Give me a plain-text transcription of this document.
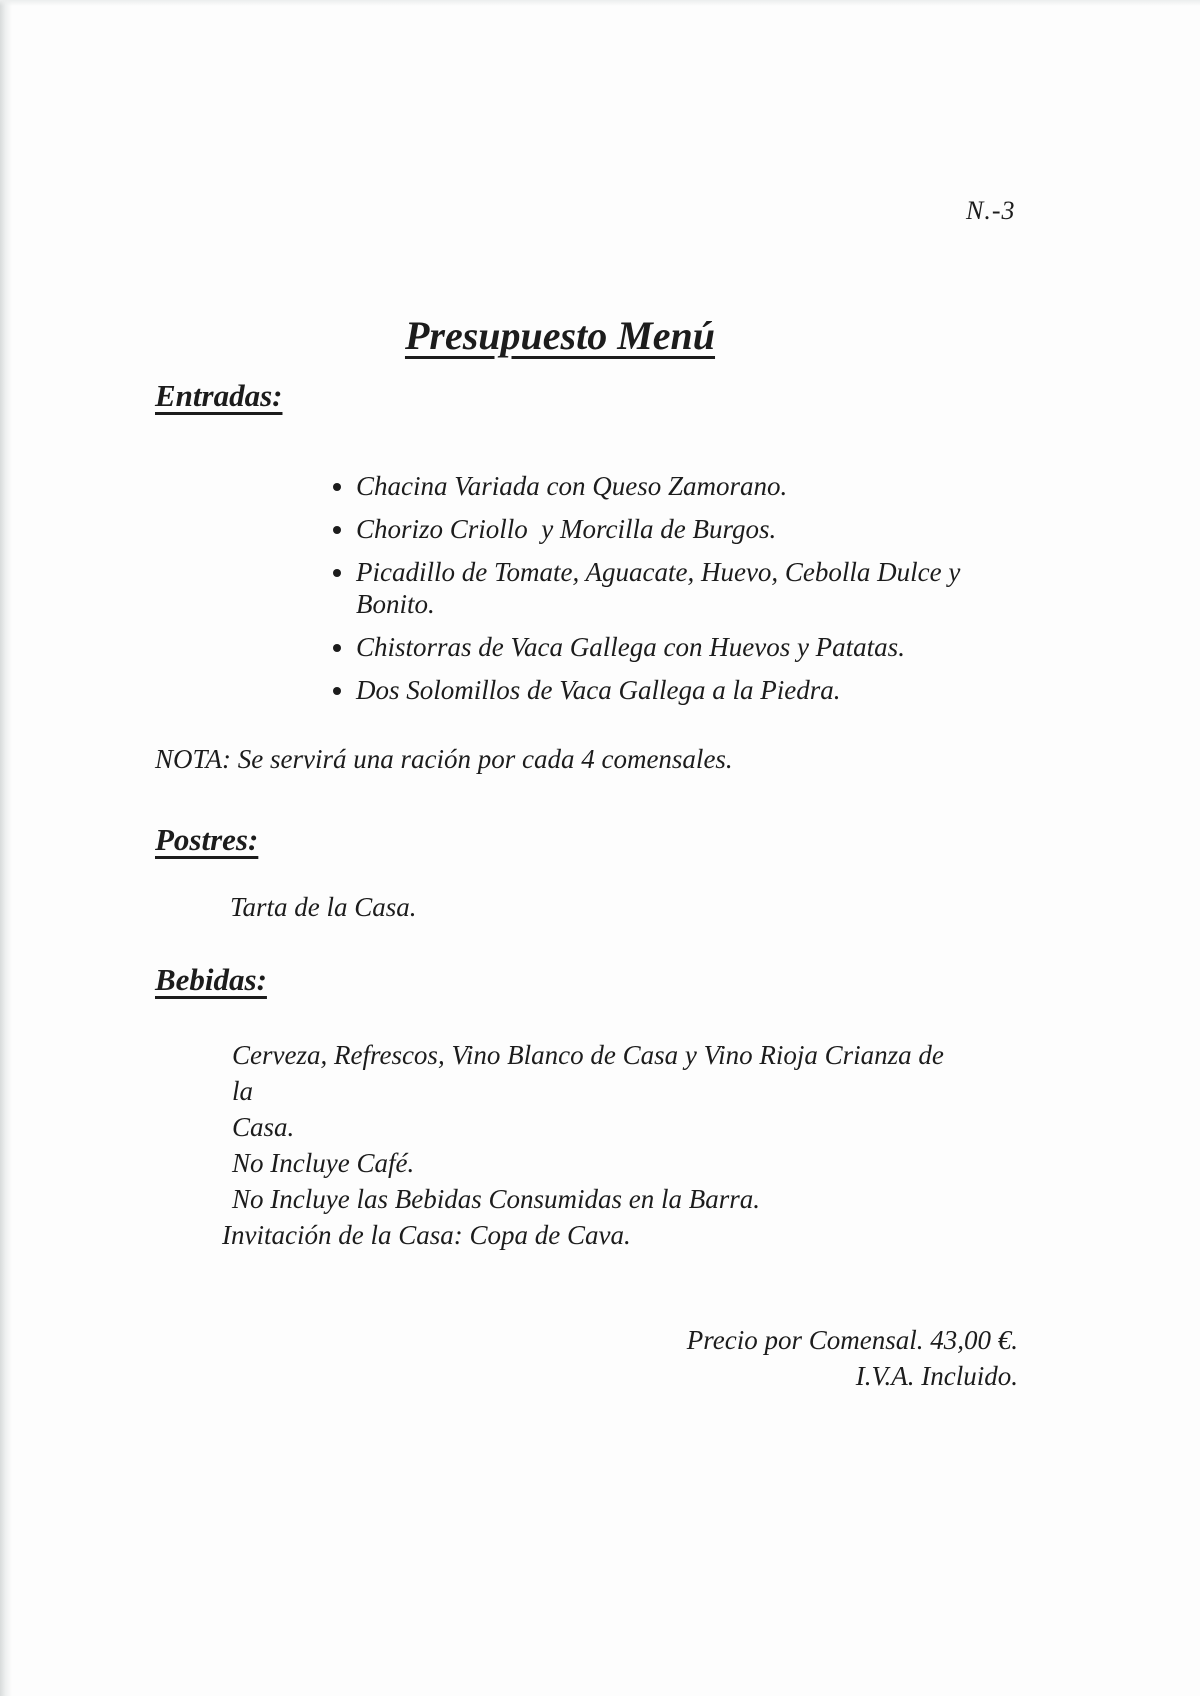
N.-3
Presupuesto Menú
Entradas:
• Chacina Variada con Queso Zamorano.
• Chorizo Criollo  y Morcilla de Burgos.
• Picadillo de Tomate, Aguacate, Huevo, Cebolla Dulce y Bonito.
• Chistorras de Vaca Gallega con Huevos y Patatas.
• Dos Solomillos de Vaca Gallega a la Piedra.

NOTA: Se servirá una ración por cada 4 comensales.

Postres:

Tarta de la Casa.

Bebidas:

Cerveza, Refrescos, Vino Blanco de Casa y Vino Rioja Crianza de la

Casa.

No Incluye Café.

No Incluye las Bebidas Consumidas en la Barra.

Invitación de la Casa: Copa de Cava.

Precio por Comensal. 43,00 €.

I.V.A. Incluido.
